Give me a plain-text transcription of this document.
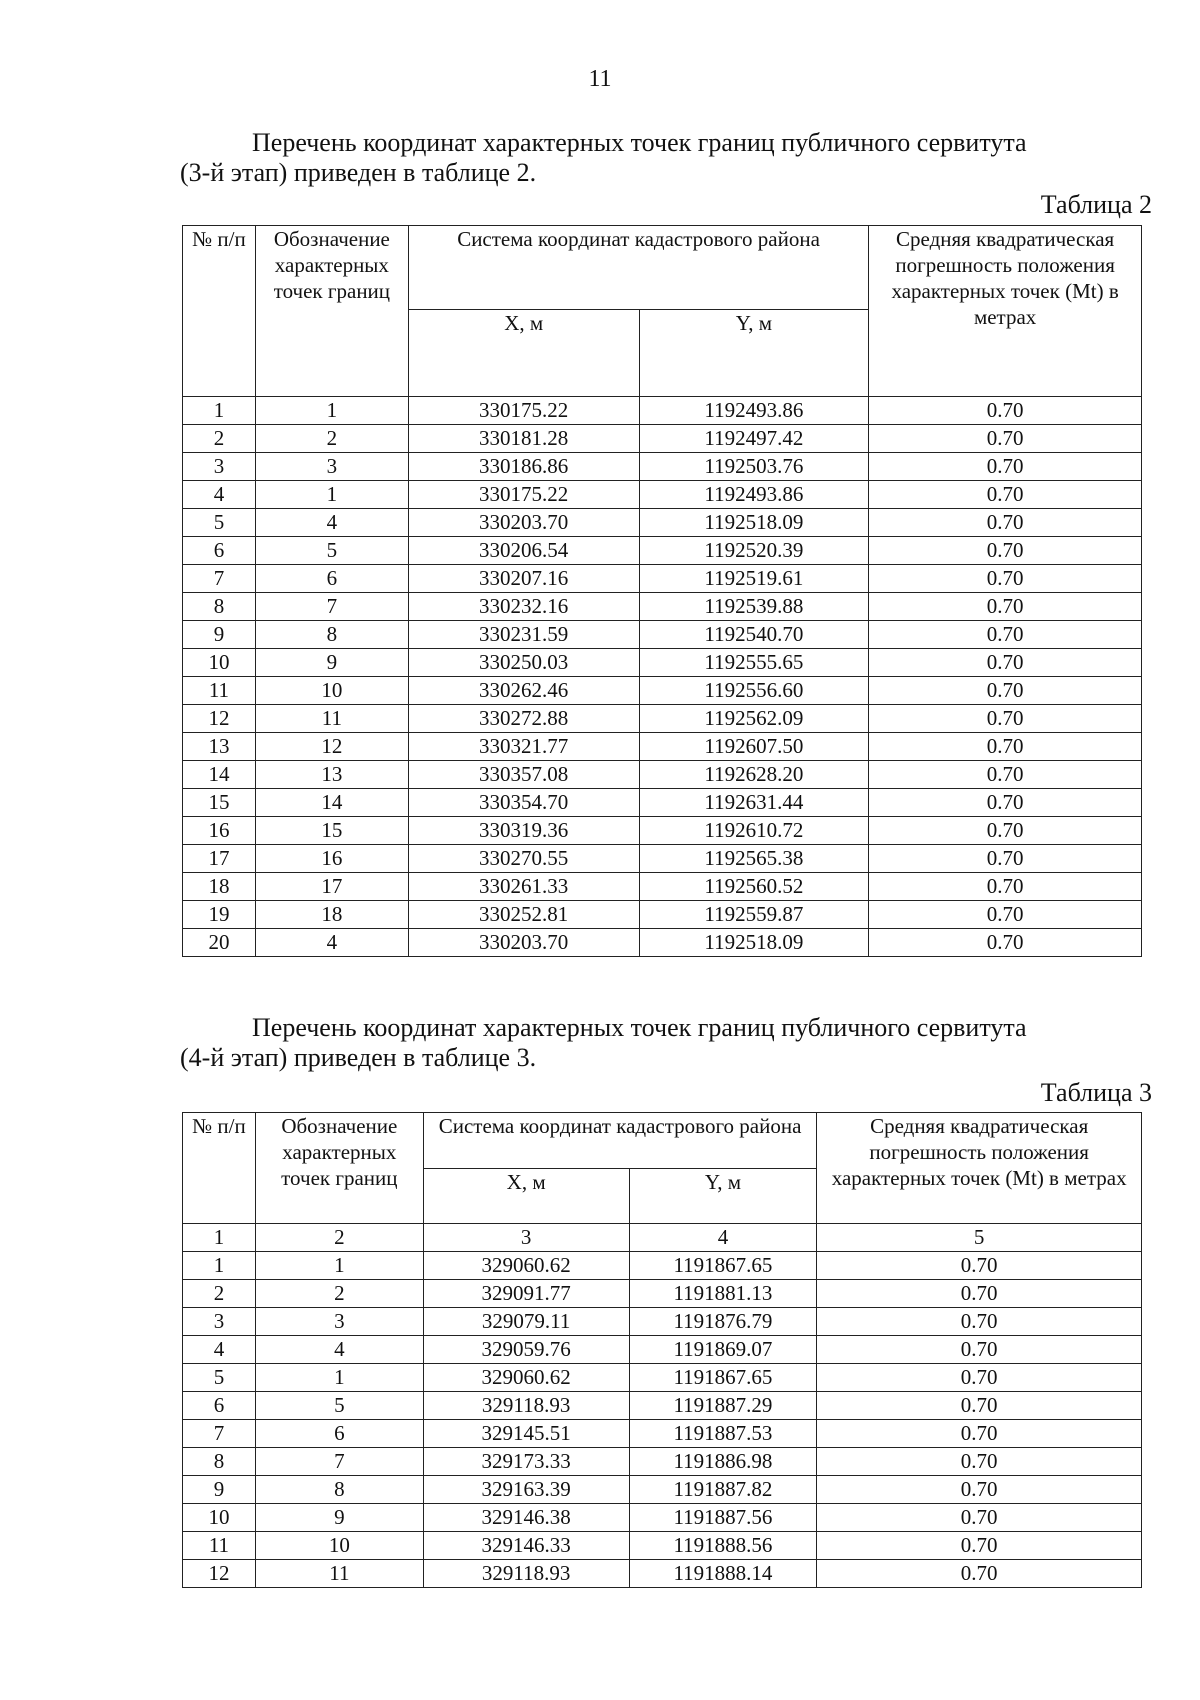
11
Перечень координат характерных точек границ публичного сервитута
(3-й этап) приведен в таблице 2.
Таблица 2
№ п/п	Обозначение характерных точек границ	Система координат кадастрового района		Средняя квадратическая погрешность положения характерных точек (Mt) в метрах
		X, м	Y, м	
1	1	330175.22	1192493.86	0.70
2	2	330181.28	1192497.42	0.70
3	3	330186.86	1192503.76	0.70
4	1	330175.22	1192493.86	0.70
5	4	330203.70	1192518.09	0.70
6	5	330206.54	1192520.39	0.70
7	6	330207.16	1192519.61	0.70
8	7	330232.16	1192539.88	0.70
9	8	330231.59	1192540.70	0.70
10	9	330250.03	1192555.65	0.70
11	10	330262.46	1192556.60	0.70
12	11	330272.88	1192562.09	0.70
13	12	330321.77	1192607.50	0.70
14	13	330357.08	1192628.20	0.70
15	14	330354.70	1192631.44	0.70
16	15	330319.36	1192610.72	0.70
17	16	330270.55	1192565.38	0.70
18	17	330261.33	1192560.52	0.70
19	18	330252.81	1192559.87	0.70
20	4	330203.70	1192518.09	0.70
Перечень координат характерных точек границ публичного сервитута
(4-й этап) приведен в таблице 3.
Таблица 3
№ п/п	Обозначение характерных точек границ	Система координат кадастрового района		Средняя квадратическая погрешность положения характерных точек (Mt) в метрах
		X, м	Y, м	
1	2	3	4	5
1	1	329060.62	1191867.65	0.70
2	2	329091.77	1191881.13	0.70
3	3	329079.11	1191876.79	0.70
4	4	329059.76	1191869.07	0.70
5	1	329060.62	1191867.65	0.70
6	5	329118.93	1191887.29	0.70
7	6	329145.51	1191887.53	0.70
8	7	329173.33	1191886.98	0.70
9	8	329163.39	1191887.82	0.70
10	9	329146.38	1191887.56	0.70
11	10	329146.33	1191888.56	0.70
12	11	329118.93	1191888.14	0.70
